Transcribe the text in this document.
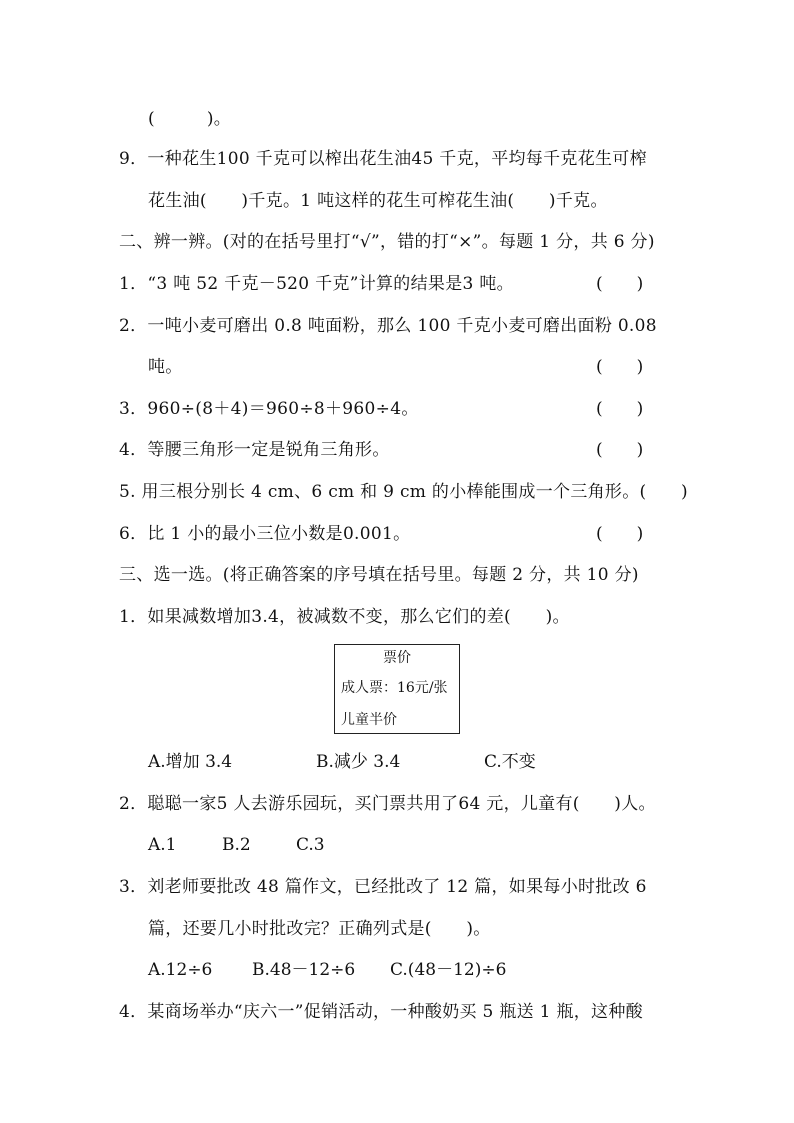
(　　　)。
9．一种花生100 千克可以榨出花生油45 千克，平均每千克花生可榨
花生油(　　)千克。1 吨这样的花生可榨花生油(　　)千克。
二、辨一辨。(对的在括号里打“√”，错的打“×”。每题 1 分，共 6 分)
1．“3 吨 52 千克－520 千克”计算的结果是3 吨。	(　　)
2．一吨小麦可磨出 0.8 吨面粉，那么 100 千克小麦可磨出面粉 0.08
吨。	(　　)
3．960÷(8＋4)＝960÷8＋960÷4。	(　　)
4．等腰三角形一定是锐角三角形。	(　　)
5. 用三根分别长 4 cm、6 cm 和 9 cm 的小棒能围成一个三角形。(　　)
6．比 1 小的最小三位小数是0.001。	(　　)
三、选一选。(将正确答案的序号填在括号里。每题 2 分，共 10 分)
1．如果减数增加3.4，被减数不变，那么它们的差(　　)。
票价
成人票：16元/张
儿童半价
A.增加 3.4	B.减少 3.4	C.不变
2．聪聪一家5 人去游乐园玩，买门票共用了64 元，儿童有(　　)人。
A.1	B.2	C.3
3．刘老师要批改 48 篇作文，已经批改了 12 篇，如果每小时批改 6
篇，还要几小时批改完？正确列式是(　　)。
A.12÷6 B.48－12÷6 C.(48－12)÷6
4．某商场举办“庆六一”促销活动，一种酸奶买 5 瓶送 1 瓶，这种酸
